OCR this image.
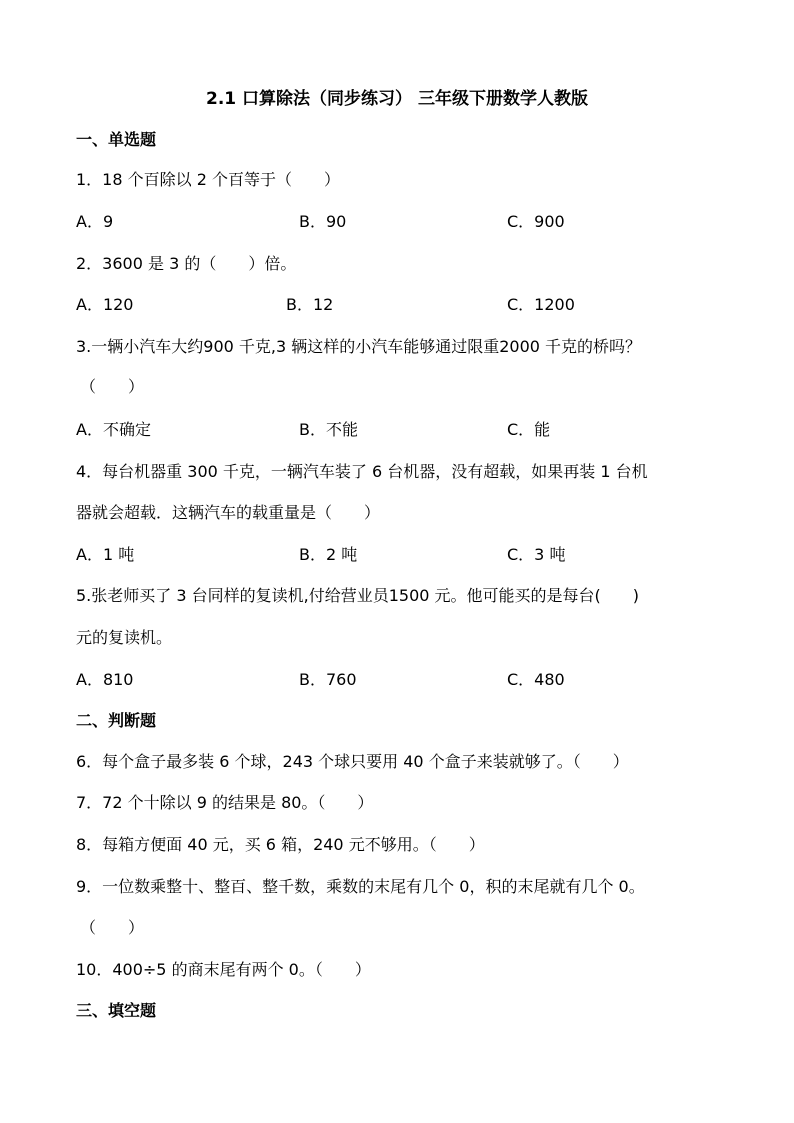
2.1 口算除法（同步练习） 三年级下册数学人教版
一、单选题
1．18 个百除以 2 个百等于（　　）
A．9	B．90	C．900
2．3600 是 3 的（　　）倍。
A．120	B．12	C．1200
3.一辆小汽车大约900 千克,3 辆这样的小汽车能够通过限重2000 千克的桥吗？
（　　）
A．不确定	B．不能	C．能
4．每台机器重 300 千克，一辆汽车装了 6 台机器，没有超载，如果再装 1 台机
器就会超载．这辆汽车的载重量是（　　）
A．1 吨	B．2 吨	C．3 吨
5.张老师买了 3 台同样的复读机,付给营业员1500 元。他可能买的是每台(　　)
元的复读机。
A．810	B．760	C．480
二、判断题
6．每个盒子最多装 6 个球，243 个球只要用 40 个盒子来装就够了。（　　）
7．72 个十除以 9 的结果是 80。（　　）
8．每箱方便面 40 元，买 6 箱，240 元不够用。（　　）
9．一位数乘整十、整百、整千数，乘数的末尾有几个 0，积的末尾就有几个 0。
（　　）
10．400÷5 的商末尾有两个 0。（　　）
三、填空题
